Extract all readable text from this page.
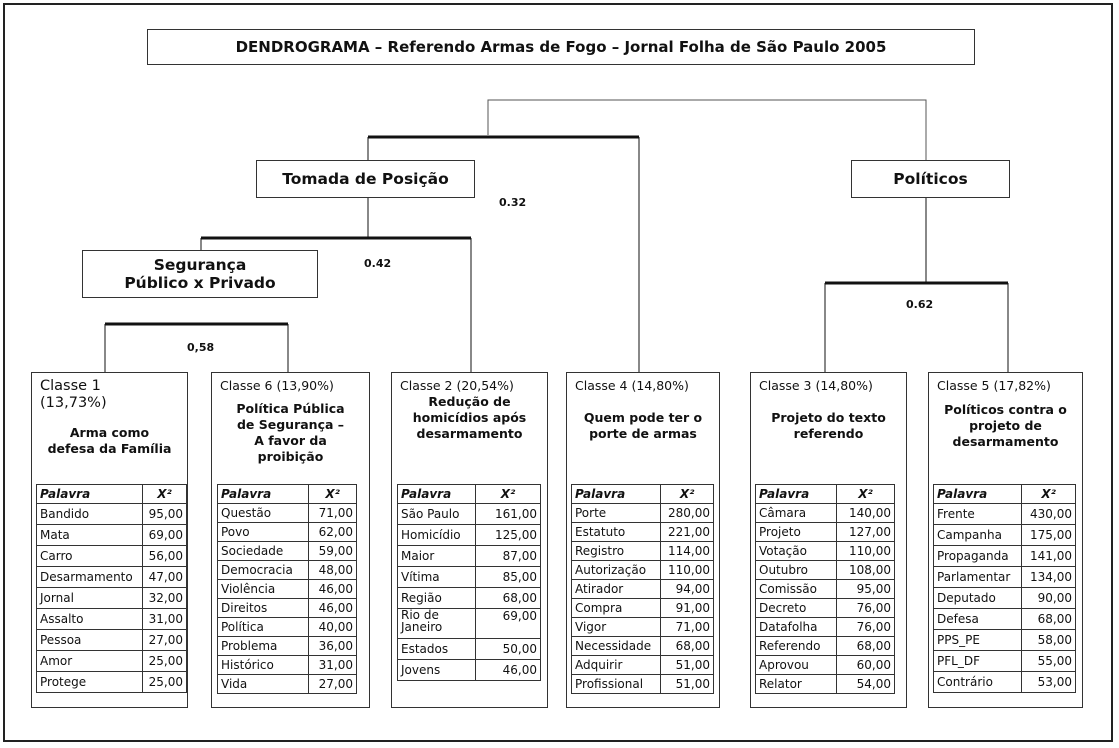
DENDROGRAMA – Referendo Armas de Fogo – Jornal Folha de São Paulo 2005
Tomada de Posição	Políticos
Segurança
Público x Privado
0.32
0.42
0,58
0.62
Classe 1
(13,73%)
Arma como
defesa da Família
Palavra	X²
Bandido	95,00
Mata	69,00
Carro	56,00
Desarmamento	47,00
Jornal	32,00
Assalto	31,00
Pessoa	27,00
Amor	25,00
Protege	25,00
Classe 6 (13,90%)
Política Pública
de Segurança –
A favor da
proibição
Palavra	X²
Questão	71,00
Povo	62,00
Sociedade	59,00
Democracia	48,00
Violência	46,00
Direitos	46,00
Política	40,00
Problema	36,00
Histórico	31,00
Vida	27,00
Classe 2 (20,54%)
Redução de
homicídios após
desarmamento
Palavra	X²
São Paulo	161,00
Homicídio	125,00
Maior	87,00
Vítima	85,00
Região	68,00
Rio de Janeiro	69,00
Estados	50,00
Jovens	46,00
Classe 4 (14,80%)
Quem pode ter o
porte de armas
Palavra	X²
Porte	280,00
Estatuto	221,00
Registro	114,00
Autorização	110,00
Atirador	94,00
Compra	91,00
Vigor	71,00
Necessidade	68,00
Adquirir	51,00
Profissional	51,00
Classe 3 (14,80%)
Projeto do texto
referendo
Palavra	X²
Câmara	140,00
Projeto	127,00
Votação	110,00
Outubro	108,00
Comissão	95,00
Decreto	76,00
Datafolha	76,00
Referendo	68,00
Aprovou	60,00
Relator	54,00
Classe 5 (17,82%)
Políticos contra o
projeto de
desarmamento
Palavra	X²
Frente	430,00
Campanha	175,00
Propaganda	141,00
Parlamentar	134,00
Deputado	90,00
Defesa	68,00
PPS_PE	58,00
PFL_DF	55,00
Contrário	53,00
